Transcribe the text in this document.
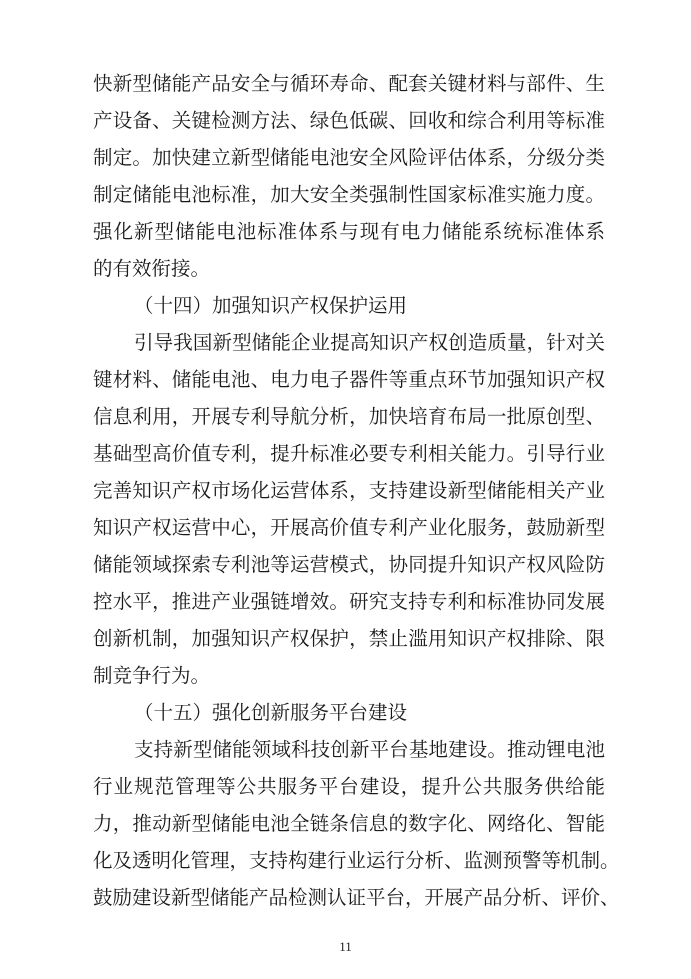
快新型储能产品安全与循环寿命、配套关键材料与部件、生
产设备、关键检测方法、绿色低碳、回收和综合利用等标准
制定。加快建立新型储能电池安全风险评估体系，分级分类
制定储能电池标准，加大安全类强制性国家标准实施力度。
强化新型储能电池标准体系与现有电力储能系统标准体系
的有效衔接。
（十四）加强知识产权保护运用
引导我国新型储能企业提高知识产权创造质量，针对关
键材料、储能电池、电力电子器件等重点环节加强知识产权
信息利用，开展专利导航分析，加快培育布局一批原创型、
基础型高价值专利，提升标准必要专利相关能力。引导行业
完善知识产权市场化运营体系，支持建设新型储能相关产业
知识产权运营中心，开展高价值专利产业化服务，鼓励新型
储能领域探索专利池等运营模式，协同提升知识产权风险防
控水平，推进产业强链增效。研究支持专利和标准协同发展
创新机制，加强知识产权保护，禁止滥用知识产权排除、限
制竞争行为。
（十五）强化创新服务平台建设
支持新型储能领域科技创新平台基地建设。推动锂电池
行业规范管理等公共服务平台建设，提升公共服务供给能
力，推动新型储能电池全链条信息的数字化、网络化、智能
化及透明化管理，支持构建行业运行分析、监测预警等机制。
鼓励建设新型储能产品检测认证平台，开展产品分析、评价、
11
